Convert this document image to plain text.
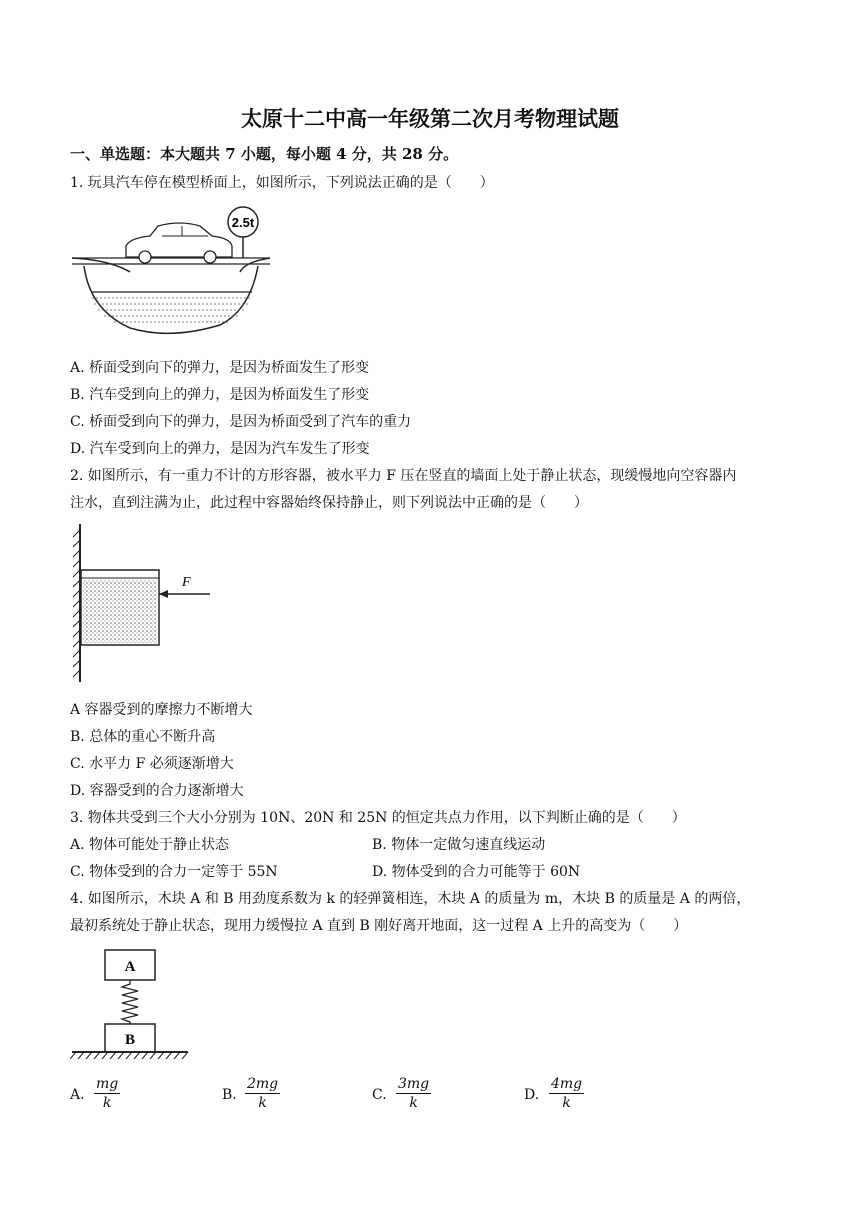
太原十二中高一年级第二次月考物理试题
一、单选题：本大题共 7 小题，每小题 4 分，共 28 分。
1. 玩具汽车停在模型桥面上，如图所示，下列说法正确的是（　　）
2.5t
A. 桥面受到向下的弹力，是因为桥面发生了形变
B. 汽车受到向上的弹力，是因为桥面发生了形变
C. 桥面受到向下的弹力，是因为桥面受到了汽车的重力
D. 汽车受到向上的弹力，是因为汽车发生了形变
2. 如图所示，有一重力不计的方形容器，被水平力 F 压在竖直的墙面上处于静止状态，现缓慢地向空容器内
注水，直到注满为止，此过程中容器始终保持静止，则下列说法中正确的是（　　）
F
A 容器受到的摩擦力不断增大
B. 总体的重心不断升高
C. 水平力 F 必须逐渐增大
D. 容器受到的合力逐渐增大
3. 物体共受到三个大小分别为 10N、20N 和 25N 的恒定共点力作用，以下判断止确的是（　　）
A. 物体可能处于静止状态	B. 物体一定做匀速直线运动
C. 物体受到的合力一定等于 55N	D. 物体受到的合力可能等于 60N
4. 如图所示，木块 A 和 B 用劲度系数为 k 的轻弹簧相连，木块 A 的质量为 m，木块 B 的质量是 A 的两倍，
最初系统处于静止状态，现用力缓慢拉 A 直到 B 刚好离开地面，这一过程 A 上升的高变为（　　）
A
B
A. $\frac{mg}{k}$	B. $\frac{2mg}{k}$	C. $\frac{3mg}{k}$	D. $\frac{4mg}{k}$
